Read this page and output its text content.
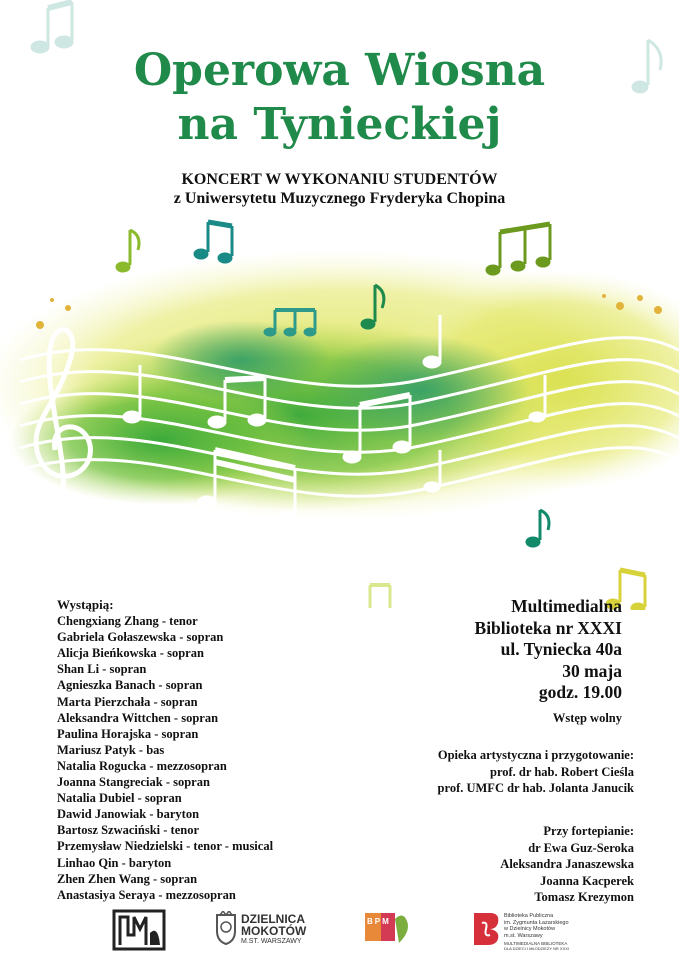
Operowa Wiosna
na Tynieckiej
KONCERT W WYKONANIU STUDENTÓW
z Uniwersytetu Muzycznego Fryderyka Chopina
Wystąpią:
Chengxiang Zhang - tenor
Gabriela Gołaszewska - sopran
Alicja Bieńkowska - sopran
Shan Li - sopran
Agnieszka Banach - sopran
Marta Pierzchała - sopran
Aleksandra Wittchen - sopran
Paulina Horajska - sopran
Mariusz Patyk - bas
Natalia Rogucka - mezzosopran
Joanna Stangreciak - sopran
Natalia Dubiel - sopran
Dawid Janowiak - baryton
Bartosz Szwaciński - tenor
Przemysław Niedzielski - tenor - musical
Linhao Qin - baryton
Zhen Zhen Wang - sopran
Anastasiya Seraya - mezzosopran
Multimedialna
Biblioteka nr XXXI
ul. Tyniecka 40a
30 maja
godz. 19.00
Wstęp wolny
Opieka artystyczna i przygotowanie:
prof. dr hab. Robert Cieśla
prof. UMFC dr hab. Jolanta Janucik
Przy fortepianie:
dr Ewa Guz-Seroka
Aleksandra Janaszewska
Joanna Kacperek
Tomasz Krezymon
DZIELNICA
MOKOTÓW
M.ST. WARSZAWY
BPM
Biblioteka Publiczna
im. Zygmunta Łazarskiego
w Dzielnicy Mokotów
m.st. Warszawy
MULTIMEDIALNA BIBLIOTEKA
DLA DZIECI I MŁODZIEŻY NR XXXI
